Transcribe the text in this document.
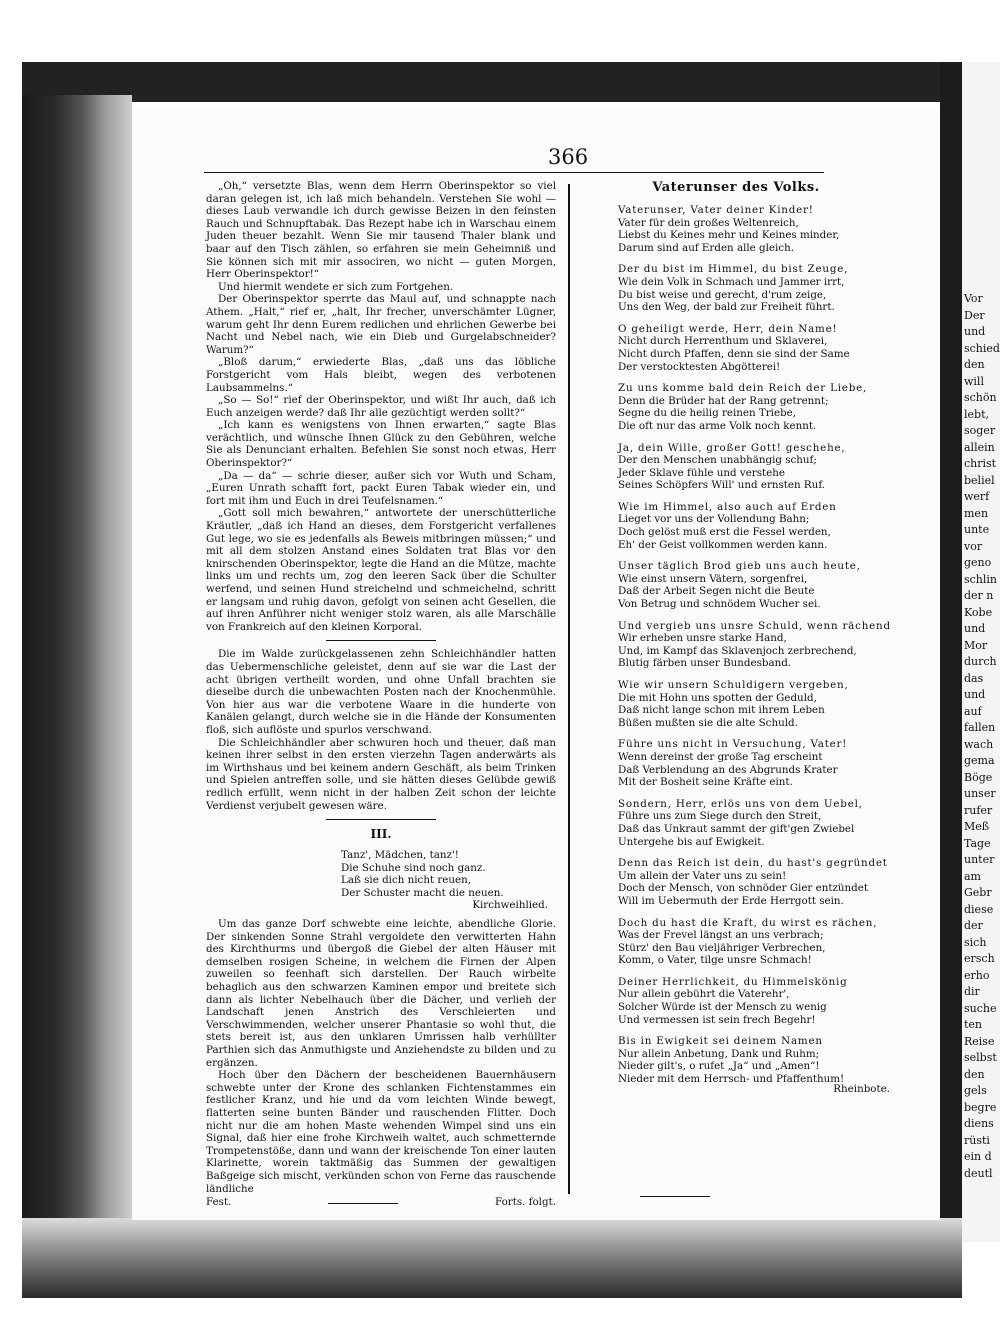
Vor
Der
und
schied
den
will
schön
lebt,
soger
allein
christ
beliel
werf
men
unte
vor
geno
schlin
der n
Kobe
und
Mor
durch
das
und
auf
fallen
wach
gema
Böge
unser
rufer
Meß
Tage
unter
am
Gebr
diese
der
sich
ersch
erho
dir
suche
ten
Reise
selbst
den
gels
begre
diens
rüsti
ein d
deutl
366

„Oh,“ versetzte Blas, wenn dem Herrn Oberinspektor so viel daran gelegen ist, ich laß mich behandeln. Verstehen Sie wohl — dieses Laub verwandle ich durch gewisse Beizen in den feinsten Rauch und Schnupftabak. Das Rezept habe ich in Warschau einem Juden theuer bezahlt. Wenn Sie mir tausend Thaler blank und baar auf den Tisch zählen, so erfahren sie mein Geheimniß und Sie können sich mit mir associren, wo nicht — guten Morgen, Herr Oberinspektor!“

Und hiermit wendete er sich zum Fortgehen.

Der Oberinspektor sperrte das Maul auf, und schnappte nach Athem. „Halt,“ rief er, „halt, Ihr frecher, unverschämter Lügner, warum geht Ihr denn Eurem redlichen und ehrlichen Gewerbe bei Nacht und Nebel nach, wie ein Dieb und Gurgelabschneider? Warum?“

„Bloß darum,“ erwiederte Blas, „daß uns das löbliche Forstgericht vom Hals bleibt, wegen des verbotenen Laubsammelns.“

„So — So!“ rief der Oberinspektor, und wißt Ihr auch, daß ich Euch anzeigen werde? daß Ihr alle gezüchtigt werden sollt?“

„Ich kann es wenigstens von Ihnen erwarten,“ sagte Blas verächtlich, und wünsche Ihnen Glück zu den Gebühren, welche Sie als Denunciant erhalten. Befehlen Sie sonst noch etwas, Herr Oberinspektor?“

„Da — da“ — schrie dieser, außer sich vor Wuth und Scham, „Euren Unrath schafft fort, packt Euren Tabak wieder ein, und fort mit ihm und Euch in drei Teufelsnamen.“

„Gott soll mich bewahren,“ antwortete der unerschütterliche Kräutler, „daß ich Hand an dieses, dem Forstgericht verfallenes Gut lege, wo sie es jedenfalls als Beweis mitbringen müssen;“ und mit all dem stolzen Anstand eines Soldaten trat Blas vor den knirschenden Oberinspektor, legte die Hand an die Mütze, machte links um und rechts um, zog den leeren Sack über die Schulter werfend, und seinen Hund streichelnd und schmeichelnd, schritt er langsam und ruhig davon, gefolgt von seinen acht Gesellen, die auf ihren Anführer nicht weniger stolz waren, als alle Marschälle von Frankreich auf den kleinen Korporal.

Die im Walde zurückgelassenen zehn Schleichhändler hatten das Uebermenschliche geleistet, denn auf sie war die Last der acht übrigen vertheilt worden, und ohne Unfall brachten sie dieselbe durch die unbewachten Posten nach der Knochenmühle. Von hier aus war die verbotene Waare in die hunderte von Kanälen gelangt, durch welche sie in die Hände der Konsumenten floß, sich auflöste und spurlos verschwand.

Die Schleichhändler aber schwuren hoch und theuer, daß man keinen ihrer selbst in den ersten vierzehn Tagen anderwärts als im Wirthshaus und bei keinem andern Geschäft, als beim Trinken und Spielen antreffen solle, und sie hätten dieses Gelübde gewiß redlich erfüllt, wenn nicht in der halben Zeit schon der leichte Verdienst verjubelt gewesen wäre.

III.
Tanz', Mädchen, tanz'!
Die Schuhe sind noch ganz.
Laß sie dich nicht reuen,
Der Schuster macht die neuen.
Kirchweihlied.

Um das ganze Dorf schwebte eine leichte, abendliche Glorie. Der sinkenden Sonne Strahl vergoldete den verwitterten Hahn des Kirchthurms und übergoß die Giebel der alten Häuser mit demselben rosigen Scheine, in welchem die Firnen der Alpen zuweilen so feenhaft sich darstellen. Der Rauch wirbelte behaglich aus den schwarzen Kaminen empor und breitete sich dann als lichter Nebelhauch über die Dächer, und verlieh der Landschaft jenen Anstrich des Verschleierten und Verschwimmenden, welcher unserer Phantasie so wohl thut, die stets bereit ist, aus den unklaren Umrissen halb verhüllter Parthien sich das Anmuthigste und Anziehendste zu bilden und zu ergänzen.

Hoch über den Dächern der bescheidenen Bauernhäusern schwebte unter der Krone des schlanken Fichtenstammes ein festlicher Kranz, und hie und da vom leichten Winde bewegt, flatterten seine bunten Bänder und rauschenden Flitter. Doch nicht nur die am hohen Maste wehenden Wimpel sind uns ein Signal, daß hier eine frohe Kirchweih waltet, auch schmetternde Trompetenstöße, dann und wann der kreischende Ton einer lauten Klarinette, worein taktmäßig das Summen der gewaltigen Baßgeige sich mischt, verkünden schon von Ferne das rauschende ländliche

Fest.	Forts. folgt.
Vaterunser des Volks.
Vaterunser, Vater deiner Kinder!
Vater für dein großes Weltenreich,
Liebst du Keines mehr und Keines minder,
Darum sind auf Erden alle gleich.
Der du bist im Himmel, du bist Zeuge,
Wie dein Volk in Schmach und Jammer irrt,
Du bist weise und gerecht, d'rum zeige,
Uns den Weg, der bald zur Freiheit führt.
O geheiligt werde, Herr, dein Name!
Nicht durch Herrenthum und Sklaverei,
Nicht durch Pfaffen, denn sie sind der Same
Der verstocktesten Abgötterei!
Zu uns komme bald dein Reich der Liebe,
Denn die Brüder hat der Rang getrennt;
Segne du die heilig reinen Triebe,
Die oft nur das arme Volk noch kennt.
Ja, dein Wille, großer Gott! geschehe,
Der den Menschen unabhängig schuf;
Jeder Sklave fühle und verstehe
Seines Schöpfers Will' und ernsten Ruf.
Wie im Himmel, also auch auf Erden
Lieget vor uns der Vollendung Bahn;
Doch gelöst muß erst die Fessel werden,
Eh' der Geist vollkommen werden kann.
Unser täglich Brod gieb uns auch heute,
Wie einst unsern Vätern, sorgenfrei,
Daß der Arbeit Segen nicht die Beute
Von Betrug und schnödem Wucher sei.
Und vergieb uns unsre Schuld, wenn rächend
Wir erheben unsre starke Hand,
Und, im Kampf das Sklavenjoch zerbrechend,
Blutig färben unser Bundesband.
Wie wir unsern Schuldigern vergeben,
Die mit Hohn uns spotten der Geduld,
Daß nicht lange schon mit ihrem Leben
Büßen mußten sie die alte Schuld.
Führe uns nicht in Versuchung, Vater!
Wenn dereinst der große Tag erscheint
Daß Verblendung an des Abgrunds Krater
Mit der Bosheit seine Kräfte eint.
Sondern, Herr, erlös uns von dem Uebel,
Führe uns zum Siege durch den Streit,
Daß das Unkraut sammt der gift'gen Zwiebel
Untergehe bis auf Ewigkeit.
Denn das Reich ist dein, du hast's gegründet
Um allein der Vater uns zu sein!
Doch der Mensch, von schnöder Gier entzündet
Will im Uebermuth der Erde Herrgott sein.
Doch du hast die Kraft, du wirst es rächen,
Was der Frevel längst an uns verbrach;
Stürz' den Bau vieljähriger Verbrechen,
Komm, o Vater, tilge unsre Schmach!
Deiner Herrlichkeit, du Himmelskönig
Nur allein gebührt die Vaterehr',
Solcher Würde ist der Mensch zu wenig
Und vermessen ist sein frech Begehr!
Bis in Ewigkeit sei deinem Namen
Nur allein Anbetung, Dank und Ruhm;
Nieder gilt's, o rufet „Ja“ und „Amen“!
Nieder mit dem Herrsch- und Pfaffenthum!
Rheinbote.
